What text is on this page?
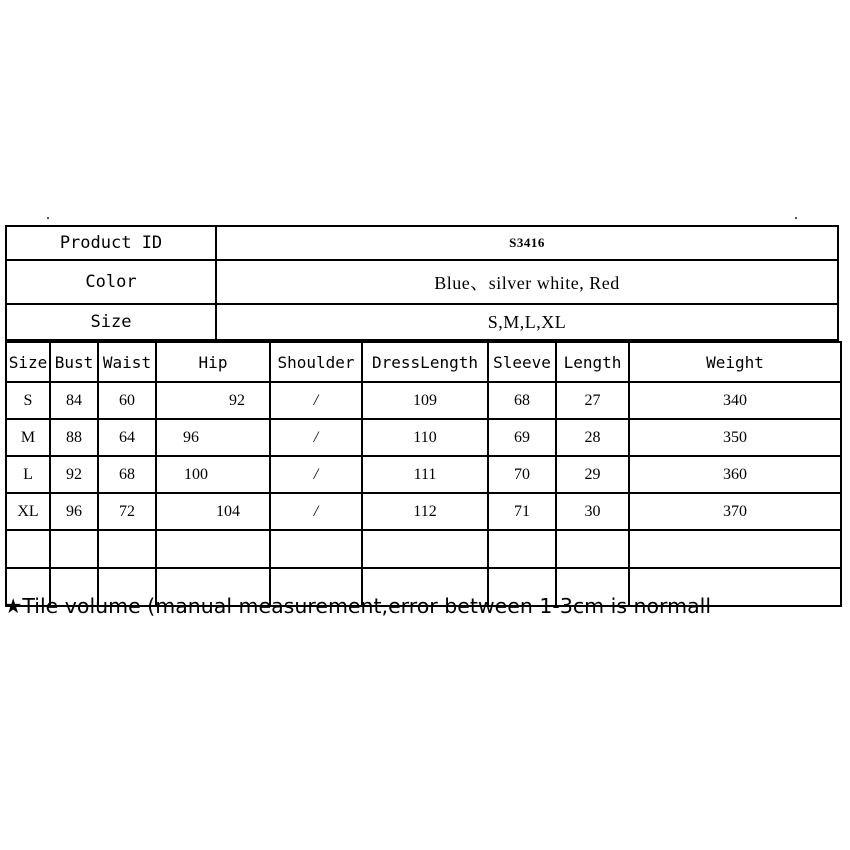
Product ID	S3416
Color	Blue、silver white, Red
Size	S,M,L,XL
Size	Bust	Waist	Hip	Shoulder	DressLength	Sleeve	Length	Weight
S	84	60	92	/	109	68	27	340
M	88	64	96	/	110	69	28	350
L	92	68	100	/	111	70	29	360
XL	96	72	104	/	112	71	30	370

★Tile volume (manual measurement,error between 1-3cm is normall
